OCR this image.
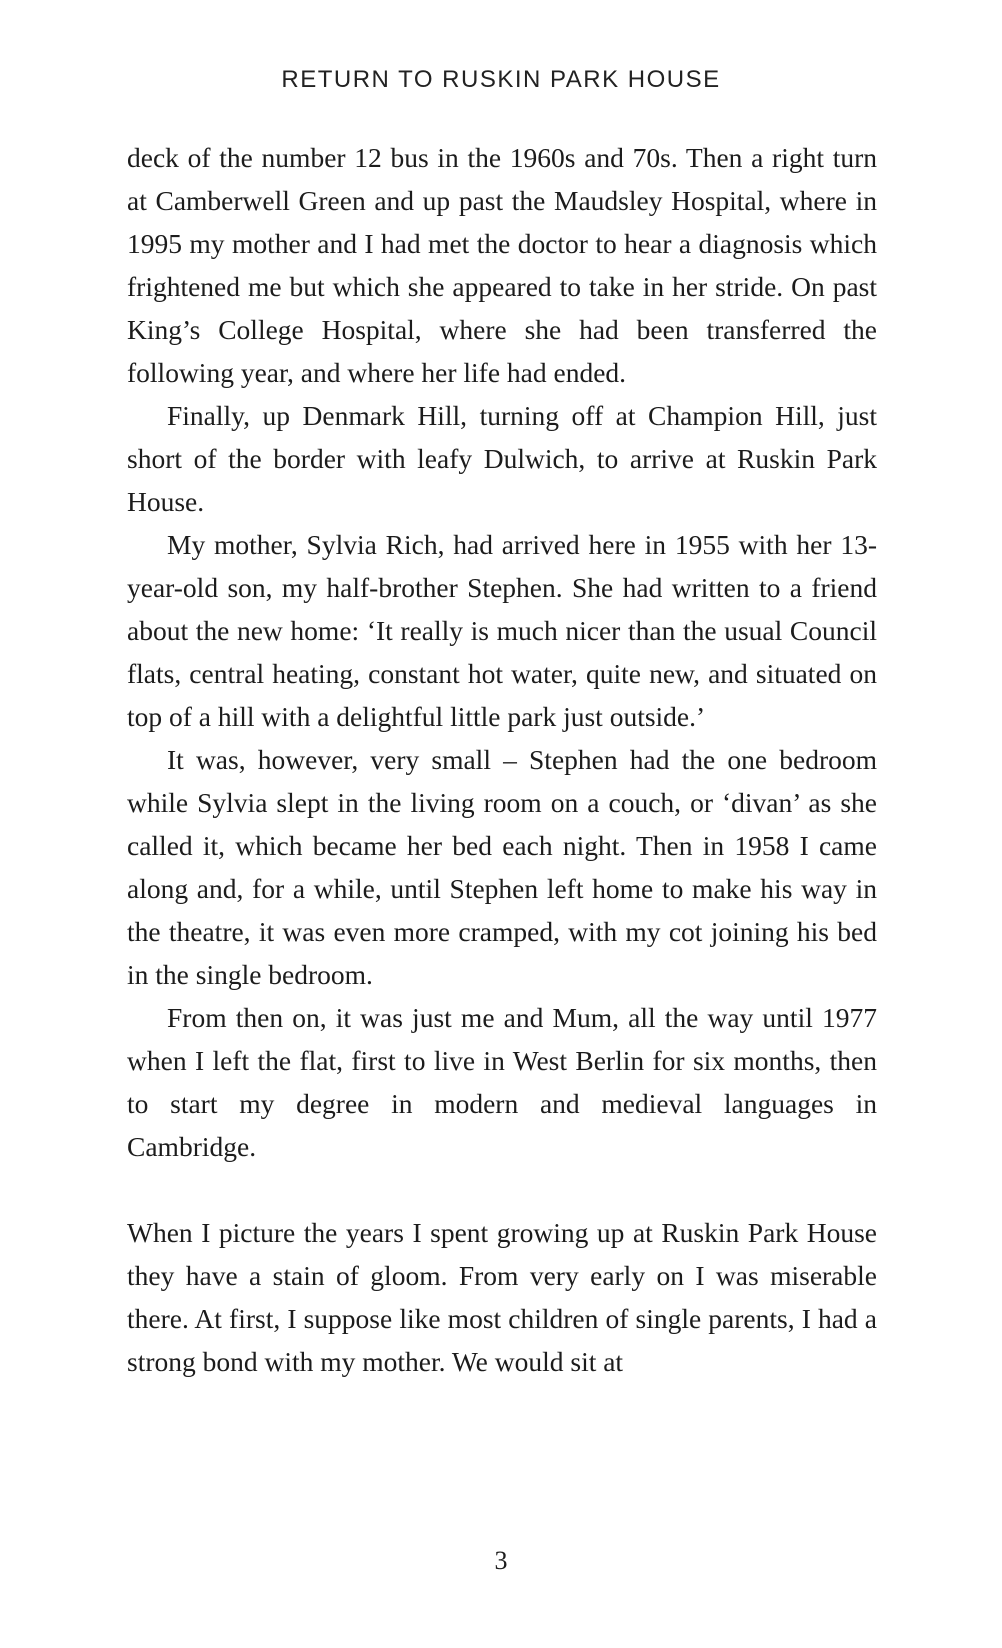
RETURN TO RUSKIN PARK HOUSE

deck of the number 12 bus in the 1960s and 70s. Then a right turn at Camberwell Green and up past the Maudsley Hospital, where in 1995 my mother and I had met the doctor to hear a diagnosis which frightened me but which she appeared to take in her stride. On past King’s College Hospital, where she had been transferred the following year, and where her life had ended.

Finally, up Denmark Hill, turning off at Champion Hill, just short of the border with leafy Dulwich, to arrive at Ruskin Park House.

My mother, Sylvia Rich, had arrived here in 1955 with her 13-year-old son, my half-brother Stephen. She had written to a friend about the new home: ‘It really is much nicer than the usual Council flats, central heating, constant hot water, quite new, and situated on top of a hill with a delightful little park just outside.’

It was, however, very small – Stephen had the one bedroom while Sylvia slept in the living room on a couch, or ‘divan’ as she called it, which became her bed each night. Then in 1958 I came along and, for a while, until Stephen left home to make his way in the theatre, it was even more cramped, with my cot joining his bed in the single bedroom.

From then on, it was just me and Mum, all the way until 1977 when I left the flat, first to live in West Berlin for six months, then to start my degree in modern and medieval languages in Cambridge.

When I picture the years I spent growing up at Ruskin Park House they have a stain of gloom. From very early on I was miserable there. At first, I suppose like most children of single parents, I had a strong bond with my mother. We would sit at

3
